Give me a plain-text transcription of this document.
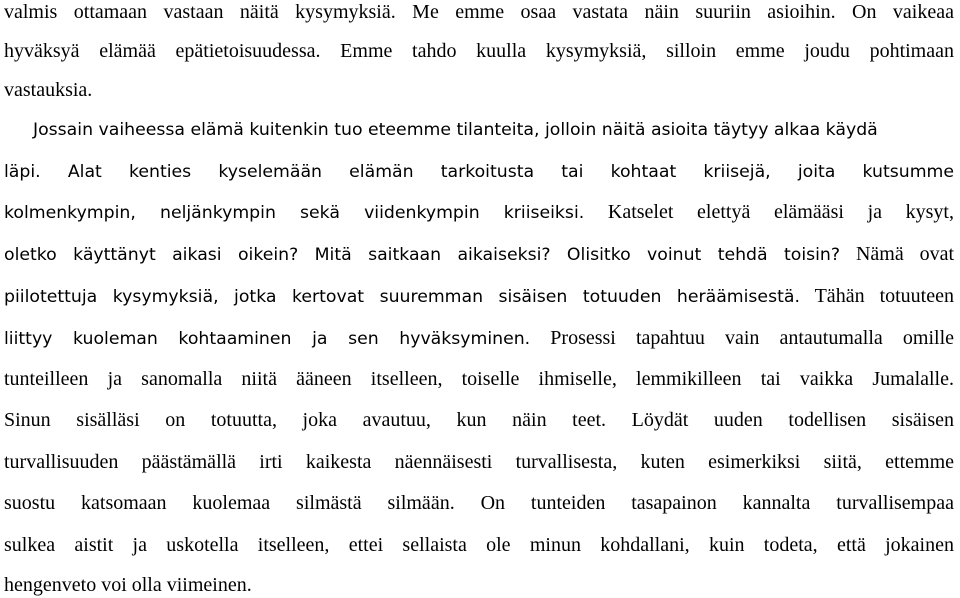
valmis ottamaan vastaan näitä kysymyksiä. Me emme osaa vastata näin suuriin asioihin. On vaikeaa
hyväksyä elämää epätietoisuudessa. Emme tahdo kuulla kysymyksiä, silloin emme joudu pohtimaan
vastauksia.
Jossain vaiheessa elämä kuitenkin tuo eteemme tilanteita, jolloin näitä asioita täytyy alkaa käydä
läpi. Alat kenties kyselemään elämän tarkoitusta tai kohtaat kriisejä, joita kutsumme
kolmenkympin, neljänkympin sekä viidenkympin kriiseiksi. Katselet elettyä elämääsi ja kysyt,
oletko käyttänyt aikasi oikein? Mitä saitkaan aikaiseksi? Olisitko voinut tehdä toisin? Nämä ovat
piilotettuja kysymyksiä, jotka kertovat suuremman sisäisen totuuden heräämisestä. Tähän totuuteen
liittyy kuoleman kohtaaminen ja sen hyväksyminen. Prosessi tapahtuu vain antautumalla omille
tunteilleen ja sanomalla niitä ääneen itselleen, toiselle ihmiselle, lemmikilleen tai vaikka Jumalalle.
Sinun sisälläsi on totuutta, joka avautuu, kun näin teet. Löydät uuden todellisen sisäisen
turvallisuuden päästämällä irti kaikesta näennäisesti turvallisesta, kuten esimerkiksi siitä, ettemme
suostu katsomaan kuolemaa silmästä silmään. On tunteiden tasapainon kannalta turvallisempaa
sulkea aistit ja uskotella itselleen, ettei sellaista ole minun kohdallani, kuin todeta, että jokainen
hengenveto voi olla viimeinen.
